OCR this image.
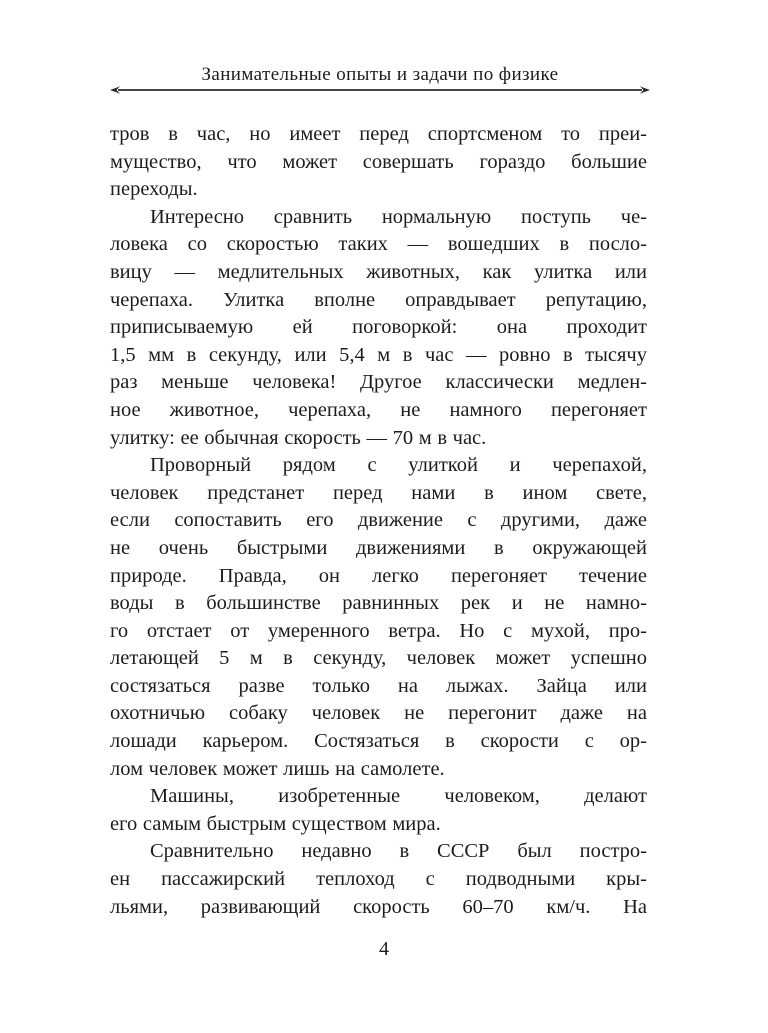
Занимательные опыты и задачи по физике
тров в час, но имеет перед спортсменом то преи-
мущество, что может совершать гораздо большие
переходы.
Интересно сравнить нормальную поступь че-
ловека со скоростью таких — вошедших в посло-
вицу — медлительных животных, как улитка или
черепаха. Улитка вполне оправдывает репутацию,
приписываемую ей поговоркой: она проходит
1,5 мм в секунду, или 5,4 м в час — ровно в тысячу
раз меньше человека! Другое классически медлен-
ное животное, черепаха, не намного перегоняет
улитку: ее обычная скорость — 70 м в час.
Проворный рядом с улиткой и черепахой,
человек предстанет перед нами в ином свете,
если сопоставить его движение с другими, даже
не очень быстрыми движениями в окружающей
природе. Правда, он легко перегоняет течение
воды в большинстве равнинных рек и не намно-
го отстает от умеренного ветра. Но с мухой, про-
летающей 5 м в секунду, человек может успешно
состязаться разве только на лыжах. Зайца или
охотничью собаку человек не перегонит даже на
лошади карьером. Состязаться в скорости с ор-
лом человек может лишь на самолете.
Машины, изобретенные человеком, делают
его самым быстрым существом мира.
Сравнительно недавно в СССР был постро-
ен пассажирский теплоход с подводными кры-
льями, развивающий скорость 60–70 км/ч. На
4
